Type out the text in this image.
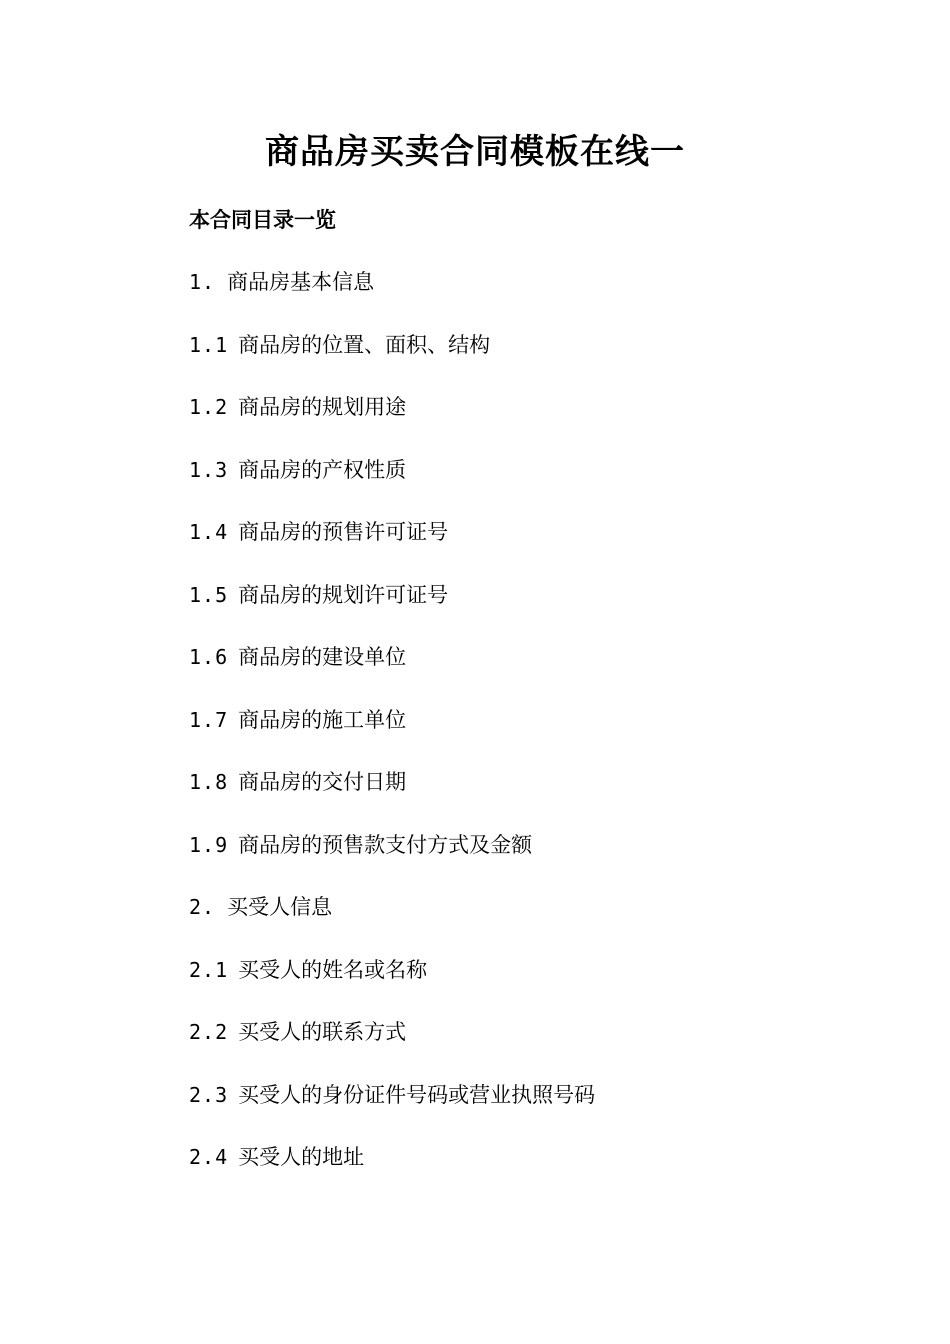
商品房买卖合同模板在线一
本合同目录一览
1. 商品房基本信息
1.1 商品房的位置、面积、结构
1.2 商品房的规划用途
1.3 商品房的产权性质
1.4 商品房的预售许可证号
1.5 商品房的规划许可证号
1.6 商品房的建设单位
1.7 商品房的施工单位
1.8 商品房的交付日期
1.9 商品房的预售款支付方式及金额
2. 买受人信息
2.1 买受人的姓名或名称
2.2 买受人的联系方式
2.3 买受人的身份证件号码或营业执照号码
2.4 买受人的地址
